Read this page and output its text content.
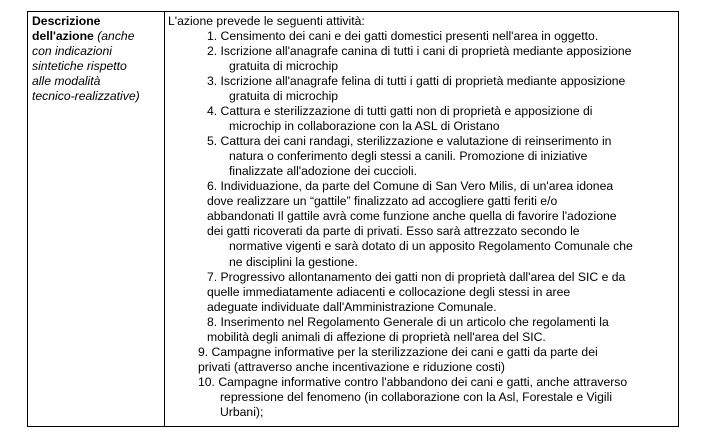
Descrizione
dell'azione (anche
con indicazioni
sintetiche rispetto
alle modalità
tecnico-realizzative)

L'azione prevede le seguenti attività:

1. Censimento dei cani e dei gatti domestici presenti nell'area in oggetto.
2. Iscrizione all'anagrafe canina di tutti i cani di proprietà mediante apposizione
gratuita di microchip
3. Iscrizione all'anagrafe felina di tutti i gatti di proprietà mediante apposizione
gratuita di microchip
4. Cattura e sterilizzazione di tutti gatti non di proprietà e apposizione di
microchip in collaborazione con la ASL di Oristano
5. Cattura dei cani randagi, sterilizzazione e valutazione di reinserimento in
natura o conferimento degli stessi a canili. Promozione di iniziative
finalizzate all'adozione dei cuccioli.
6. Individuazione, da parte del Comune di San Vero Milis, di un'area idonea
dove realizzare un “gattile” finalizzato ad accogliere gatti feriti e/o
abbandonati Il gattile avrà come funzione anche quella di favorire l'adozione
dei gatti ricoverati da parte di privati. Esso sarà attrezzato secondo le
normative vigenti e sarà dotato di un apposito Regolamento Comunale che
ne disciplini la gestione.
7. Progressivo allontanamento dei gatti non di proprietà dall'area del SIC e da
quelle immediatamente adiacenti e collocazione degli stessi in aree
adeguate individuate dall'Amministrazione Comunale.
8. Inserimento nel Regolamento Generale di un articolo che regolamenti la
mobilità degli animali di affezione di proprietà nell'area del SIC.
9. Campagne informative per la sterilizzazione dei cani e gatti da parte dei
privati (attraverso anche incentivazione e riduzione costi)
10. Campagne informative contro l'abbandono dei cani e gatti, anche attraverso
repressione del fenomeno (in collaborazione con la Asl, Forestale e Vigili
Urbani);
